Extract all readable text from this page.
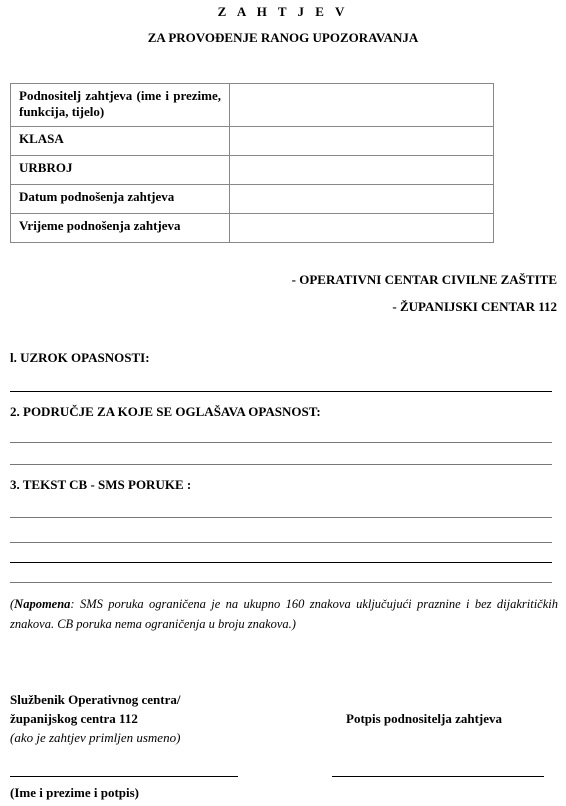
Z A H T J E V
ZA PROVOĐENJE RANOG UPOZORAVANJA
Podnositelj zahtjeva (ime i prezime, funkcija, tijelo)	
KLASA	
URBROJ	
Datum podnošenja zahtjeva	
Vrijeme podnošenja zahtjeva	
- OPERATIVNI CENTAR CIVILNE ZAŠTITE
- ŽUPANIJSKI CENTAR 112
l. UZROK OPASNOSTI:
2. PODRUČJE ZA KOJE SE OGLAŠAVA OPASNOST:
3. TEKST CB - SMS PORUKE :
(Napomena: SMS poruka ograničena je na ukupno 160 znakova uključujući praznine i bez dijakritičkih znakova. CB poruka nema ograničenja u broju znakova.)
Službenik Operativnog centra/
županijskog centra 112
(ako je zahtjev primljen usmeno)
Potpis podnositelja zahtjeva
(Ime i prezime i potpis)
